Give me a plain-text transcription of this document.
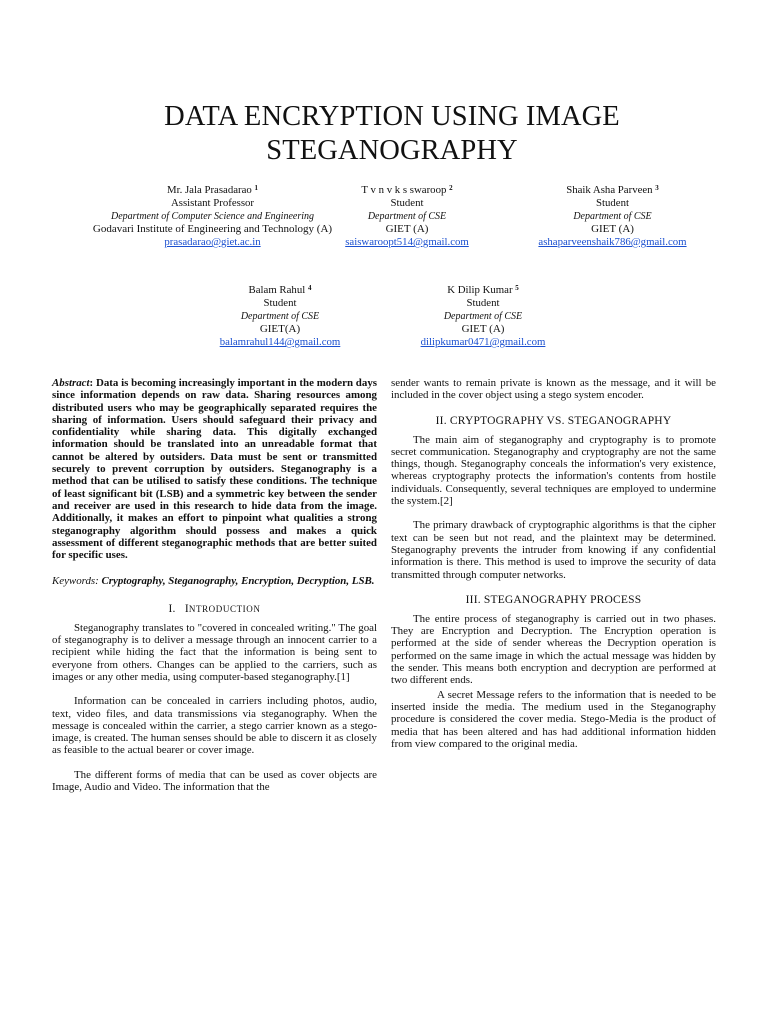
DATA ENCRYPTION USING IMAGE
STEGANOGRAPHY
Mr. Jala Prasadarao $^1$
Assistant Professor
Department of Computer Science and Engineering
Godavari Institute of Engineering and Technology (A)
prasadarao@giet.ac.in
T v n v k s swaroop $^2$
Student
Department of CSE
GIET (A)
saiswaroopt514@gmail.com
Shaik Asha Parveen $^3$
Student
Department of CSE
GIET (A)
ashaparveenshaik786@gmail.com
Balam Rahul $^4$
Student
Department of CSE
GIET(A)
balamrahul144@gmail.com
K Dilip Kumar $^5$
Student
Department of CSE
GIET (A)
dilipkumar0471@gmail.com

Abstract: Data is becoming increasingly important in the modern days since information depends on raw data. Sharing resources among distributed users who may be geographically separated requires the sharing of information. Users should safeguard their privacy and confidentiality while sharing data. This digitally exchanged information should be translated into an unreadable format that cannot be altered by outsiders. Data must be sent or transmitted securely to prevent corruption by outsiders. Steganography is a method that can be utilised to satisfy these conditions. The technique of least significant bit (LSB) and a symmetric key between the sender and receiver are used in this research to hide data from the image. Additionally, it makes an effort to pinpoint what qualities a strong steganography algorithm should possess and makes a quick assessment of different steganographic methods that are better suited for specific uses.

Keywords: Cryptography, Steganography, Encryption, Decryption, LSB.

I. INTRODUCTION

Steganography translates to "covered in concealed writing." The goal of steganography is to deliver a message through an innocent carrier to a recipient while hiding the fact that the information is being sent to everyone from others. Changes can be applied to the carriers, such as images or any other media, using computer-based steganography.[1]

Information can be concealed in carriers including photos, audio, text, video files, and data transmissions via steganography. When the message is concealed within the carrier, a stego carrier known as a stego-image, is created. The human senses should be able to discern it as closely as feasible to the actual bearer or cover image.

The different forms of media that can be used as cover objects are Image, Audio and Video. The information that the

sender wants to remain private is known as the message, and it will be included in the cover object using a stego system encoder.

II. CRYPTOGRAPHY VS. STEGANOGRAPHY

The main aim of steganography and cryptography is to promote secret communication. Steganography and cryptography are not the same things, though. Steganography conceals the information's very existence, whereas cryptography protects the information's contents from hostile individuals. Consequently, several techniques are employed to undermine the system.[2]

The primary drawback of cryptographic algorithms is that the cipher text can be seen but not read, and the plaintext may be determined. Steganography prevents the intruder from knowing if any confidential information is there. This method is used to improve the security of data transmitted through computer networks.

III. STEGANOGRAPHY PROCESS

The entire process of steganography is carried out in two phases. They are Encryption and Decryption. The Encryption operation is performed at the side of sender whereas the Decryption operation is performed on the same image in which the actual message was hidden by the sender. This means both encryption and decryption are performed at two different ends.

A secret Message refers to the information that is needed to be inserted inside the media. The medium used in the Steganography procedure is considered the cover media. Stego-Media is the product of media that has been altered and has had additional information hidden from view compared to the original media.
